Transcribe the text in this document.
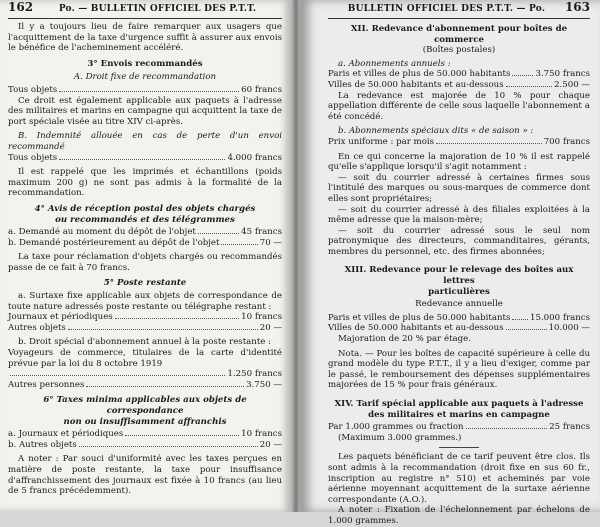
162	Po. — BULLETIN OFFICIEL DES P.T.T.

Il y a toujours lieu de faire remarquer aux usagers que l'acquittement de la taxe d'urgence suffit à assurer aux envois le bénéfice de l'acheminement accéléré.

3° Envois recommandés
A. Droit fixe de recommandation
Tous objets	60 francs

Ce droit est également applicable aux paquets à l'adresse des militaires et marins en campagne qui acquittent la taxe de port spéciale visée au titre XIV ci-après.

B. Indemnité allouée en cas de perte d'un envoi recommandé

Tous objets	4.000 francs

Il est rappelé que les imprimés et échantillons (poids maximum 200 g) ne sont pas admis à la formalité de la recommandation.

4° Avis de réception postal des objets chargés
ou recommandés et des télégrammes
a. Demandé au moment du dépôt de l'objet	45 francs
b. Demandé postérieurement au dépôt de l'objet	70 —

La taxe pour réclamation d'objets chargés ou recommandés passe de ce fait à 70 francs.

5° Poste restante

a. Surtaxe fixe applicable aux objets de correspondance de toute nature adressés poste restante ou télégraphe restant :

Journaux et périodiques	10 francs
Autres objets	20 —

b. Droit spécial d'abonnement annuel à la poste restante :

Voyageurs de commerce, titulaires de la carte d'identité prévue par la loi du 8 octobre 1919

1.250 francs
Autres personnes	3.750 —
6° Taxes minima applicables aux objets de correspondance
non ou insuffisamment affranchis
a. Journaux et périodiques	10 francs
b. Autres objets	20 —

A noter : Par souci d'uniformité avec les taxes perçues en matière de poste restante, la taxe pour insuffisance d'affranchissement des journaux est fixée à 10 francs (au lieu de 5 francs précédemment).

BULLETIN OFFICIEL DES P.T.T. — Po.	163
XII. Redevance d'abonnement pour boîtes de commerce
(Boîtes postales)

a. Abonnements annuels :

Paris et villes de plus de 50.000 habitants	3.750 francs
Villes de 50.000 habitants et au-dessous	2.500 —

La redevance est majorée de 10 % pour chaque appellation différente de celle sous laquelle l'abonnement a été concédé.

b. Abonnements spéciaux dits « de saison » :

Prix uniforme : par mois	700 francs

En ce qui concerne la majoration de 10 % il est rappelé qu'elle s'applique lorsqu'il s'agit notamment :

— soit du courrier adressé à certaines firmes sous l'intitulé des marques ou sous-marques de commerce dont elles sont propriétaires;

— soit du courrier adressé à des filiales exploitées à la même adresse que la maison-mère;

— soit du courrier adressé sous le seul nom patronymique des directeurs, commanditaires, gérants, membres du personnel, etc. des firmes abonnées;

XIII. Redevance pour le relevage des boîtes aux lettres
particulières
Redevance annuelle
Paris et villes de plus de 50.000 habitants 15.000 francs
Villes de 50.000 habitants et au-dessous	10.000 —

Majoration de 20 % par étage.

Nota. — Pour les boîtes de capacité supérieure à celle du grand modèle du type P.T.T., il y a lieu d'exiger, comme par le passé, le remboursement des dépenses supplémentaires majorées de 15 % pour frais généraux.

XIV. Tarif spécial applicable aux paquets à l'adresse
des militaires et marins en campagne
Par 1.000 grammes ou fraction	25 francs

(Maximum 3.000 grammes.)

Les paquets bénéficiant de ce tarif peuvent être clos. Ils sont admis à la recommandation (droit fixe en sus 60 fr., inscription au registre n° 510) et acheminés par voie aérienne moyennant acquittement de la surtaxe aérienne correspondante (A.O.).

A noter : Fixation de l'échelonnement par échelons de 1.000 grammes.
